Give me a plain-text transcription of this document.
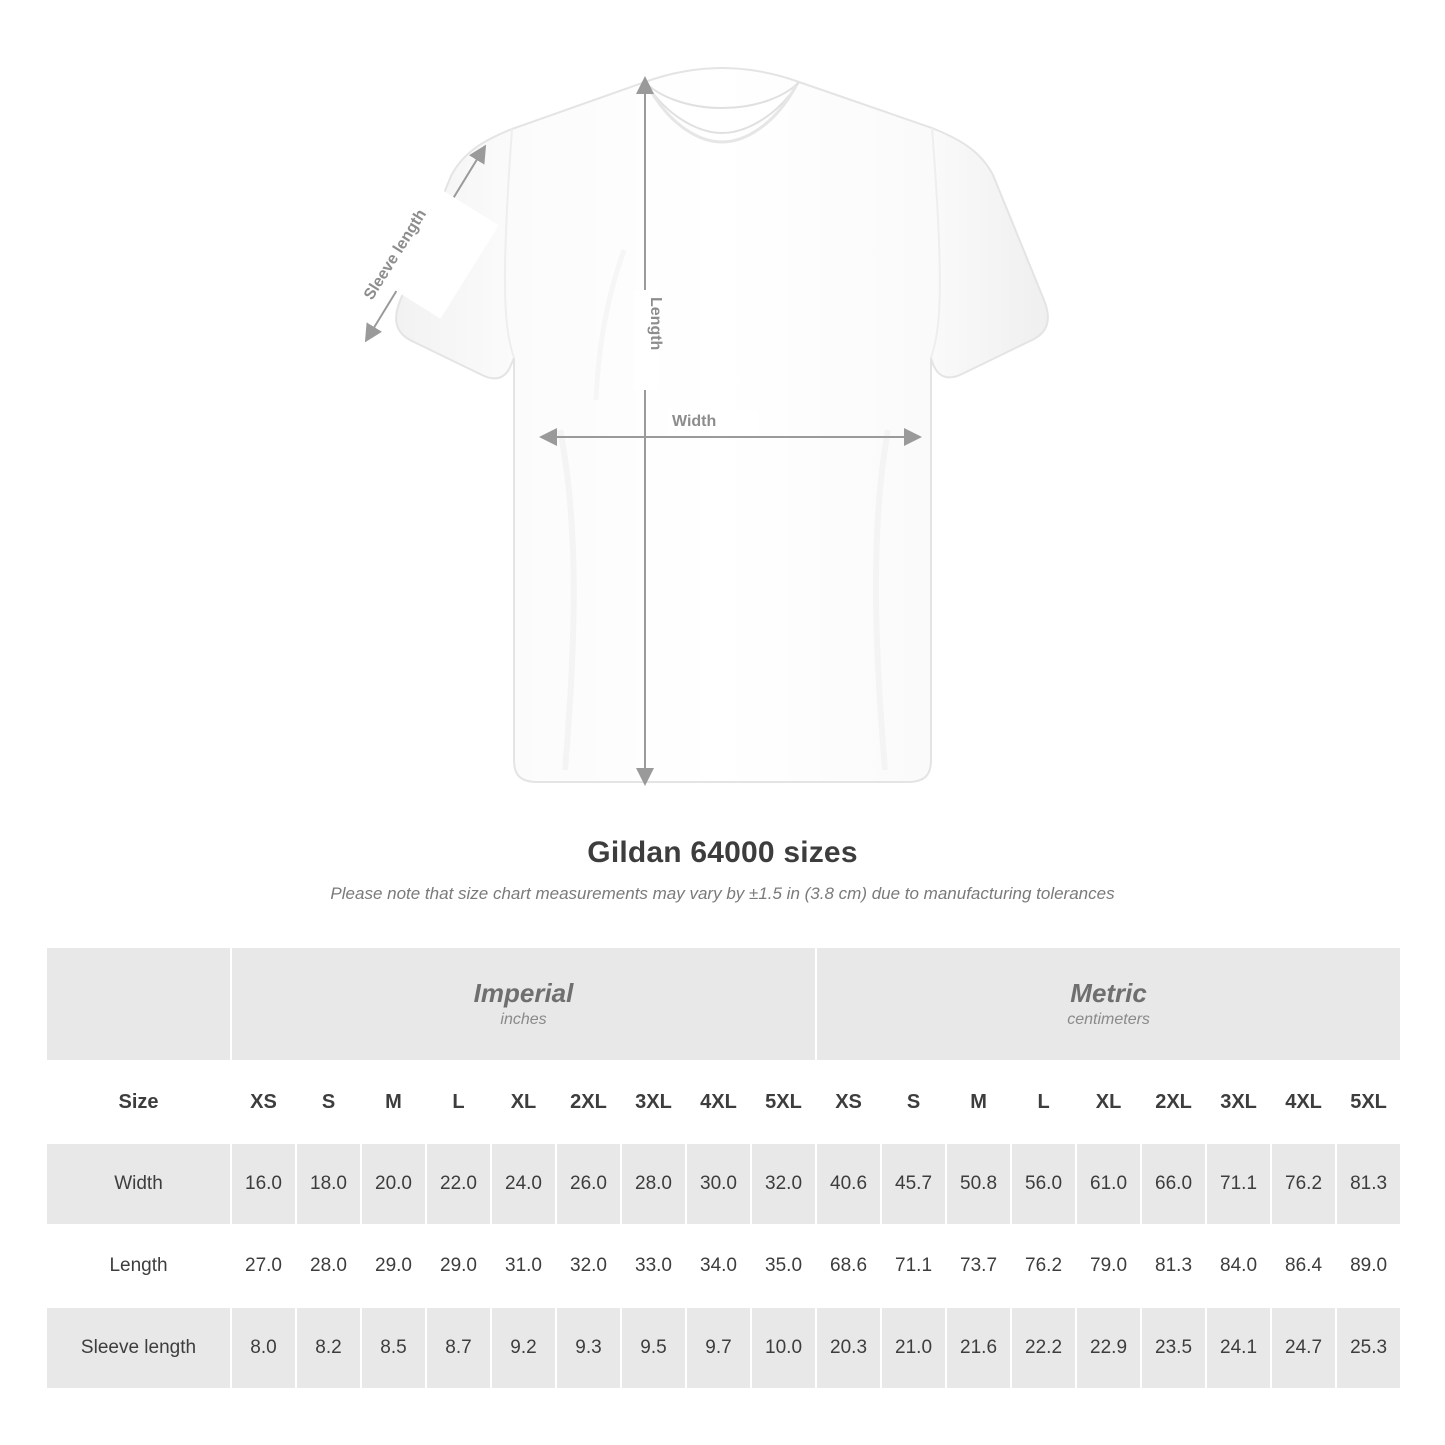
Length
Sleeve length
Width
Gildan 64000 sizes
Please note that size chart measurements may vary by ±1.5 in (3.8 cm) due to manufacturing tolerances

Imperial
inches

Metric
centimeters

Size	XS	S	M	L	XL	2XL	3XL	4XL	5XL	XS	S	M	L	XL	2XL	3XL	4XL	5XL
Width	16.0	18.0	20.0	22.0	24.0	26.0	28.0	30.0	32.0	40.6	45.7	50.8	56.0	61.0	66.0	71.1	76.2	81.3
Length	27.0	28.0	29.0	29.0	31.0	32.0	33.0	34.0	35.0	68.6	71.1	73.7	76.2	79.0	81.3	84.0	86.4	89.0
Sleeve length	8.0	8.2	8.5	8.7	9.2	9.3	9.5	9.7	10.0	20.3	21.0	21.6	22.2	22.9	23.5	24.1	24.7	25.3
